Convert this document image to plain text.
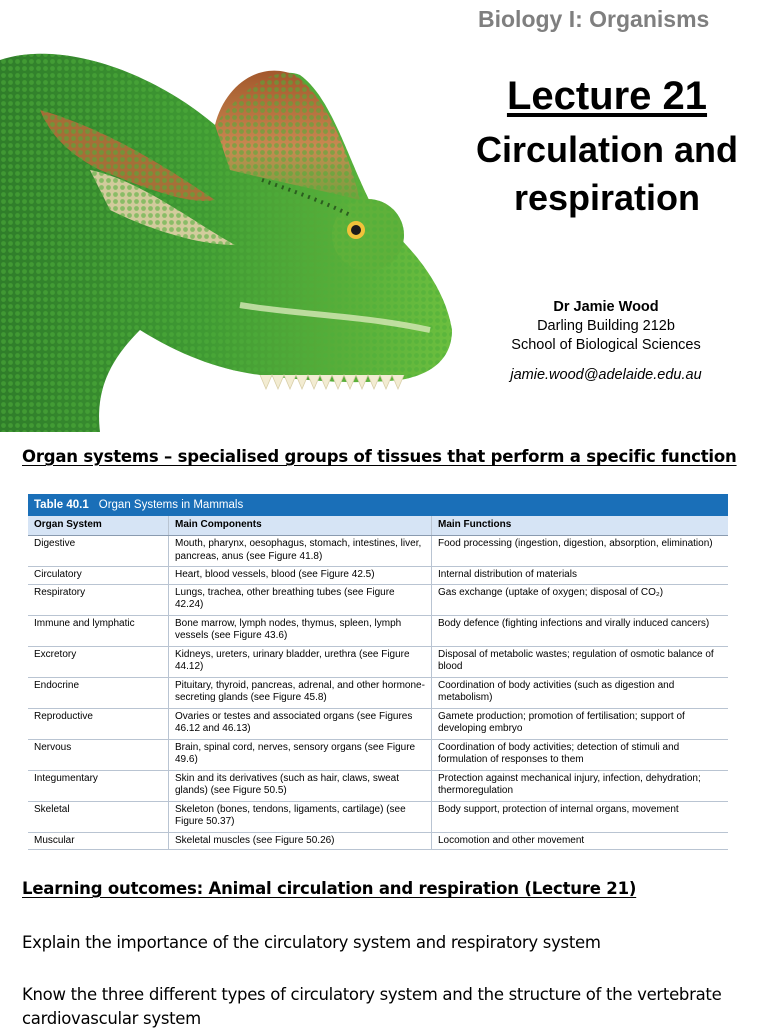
Biology I: Organisms
Lecture 21
Circulation and
respiration
Dr Jamie Wood
Darling Building 212b
School of Biological Sciences
jamie.wood@adelaide.edu.au
Organ systems – specialised groups of tissues that perform a specific function
Table 40.1 Organ Systems in Mammals
Organ System	Main Components	Main Functions
Digestive	Mouth, pharynx, oesophagus, stomach, intestines, liver, pancreas, anus (see Figure 41.8)	Food processing (ingestion, digestion, absorption, elimination)
Circulatory	Heart, blood vessels, blood (see Figure 42.5)	Internal distribution of materials
Respiratory	Lungs, trachea, other breathing tubes (see Figure 42.24)	Gas exchange (uptake of oxygen; disposal of CO₂)
Immune and lymphatic	Bone marrow, lymph nodes, thymus, spleen, lymph vessels (see Figure 43.6)	Body defence (fighting infections and virally induced cancers)
Excretory	Kidneys, ureters, urinary bladder, urethra (see Figure 44.12)	Disposal of metabolic wastes; regulation of osmotic balance of blood
Endocrine	Pituitary, thyroid, pancreas, adrenal, and other hormone-secreting glands (see Figure 45.8)	Coordination of body activities (such as digestion and metabolism)
Reproductive	Ovaries or testes and associated organs (see Figures 46.12 and 46.13)	Gamete production; promotion of fertilisation; support of developing embryo
Nervous	Brain, spinal cord, nerves, sensory organs (see Figure 49.6)	Coordination of body activities; detection of stimuli and formulation of responses to them
Integumentary	Skin and its derivatives (such as hair, claws, sweat glands) (see Figure 50.5)	Protection against mechanical injury, infection, dehydration; thermoregulation
Skeletal	Skeleton (bones, tendons, ligaments, cartilage) (see Figure 50.37)	Body support, protection of internal organs, movement
Muscular	Skeletal muscles (see Figure 50.26)	Locomotion and other movement
Learning outcomes: Animal circulation and respiration (Lecture 21)
Explain the importance of the circulatory system and respiratory system
Know the three different types of circulatory system and the structure of the vertebrate cardiovascular system
